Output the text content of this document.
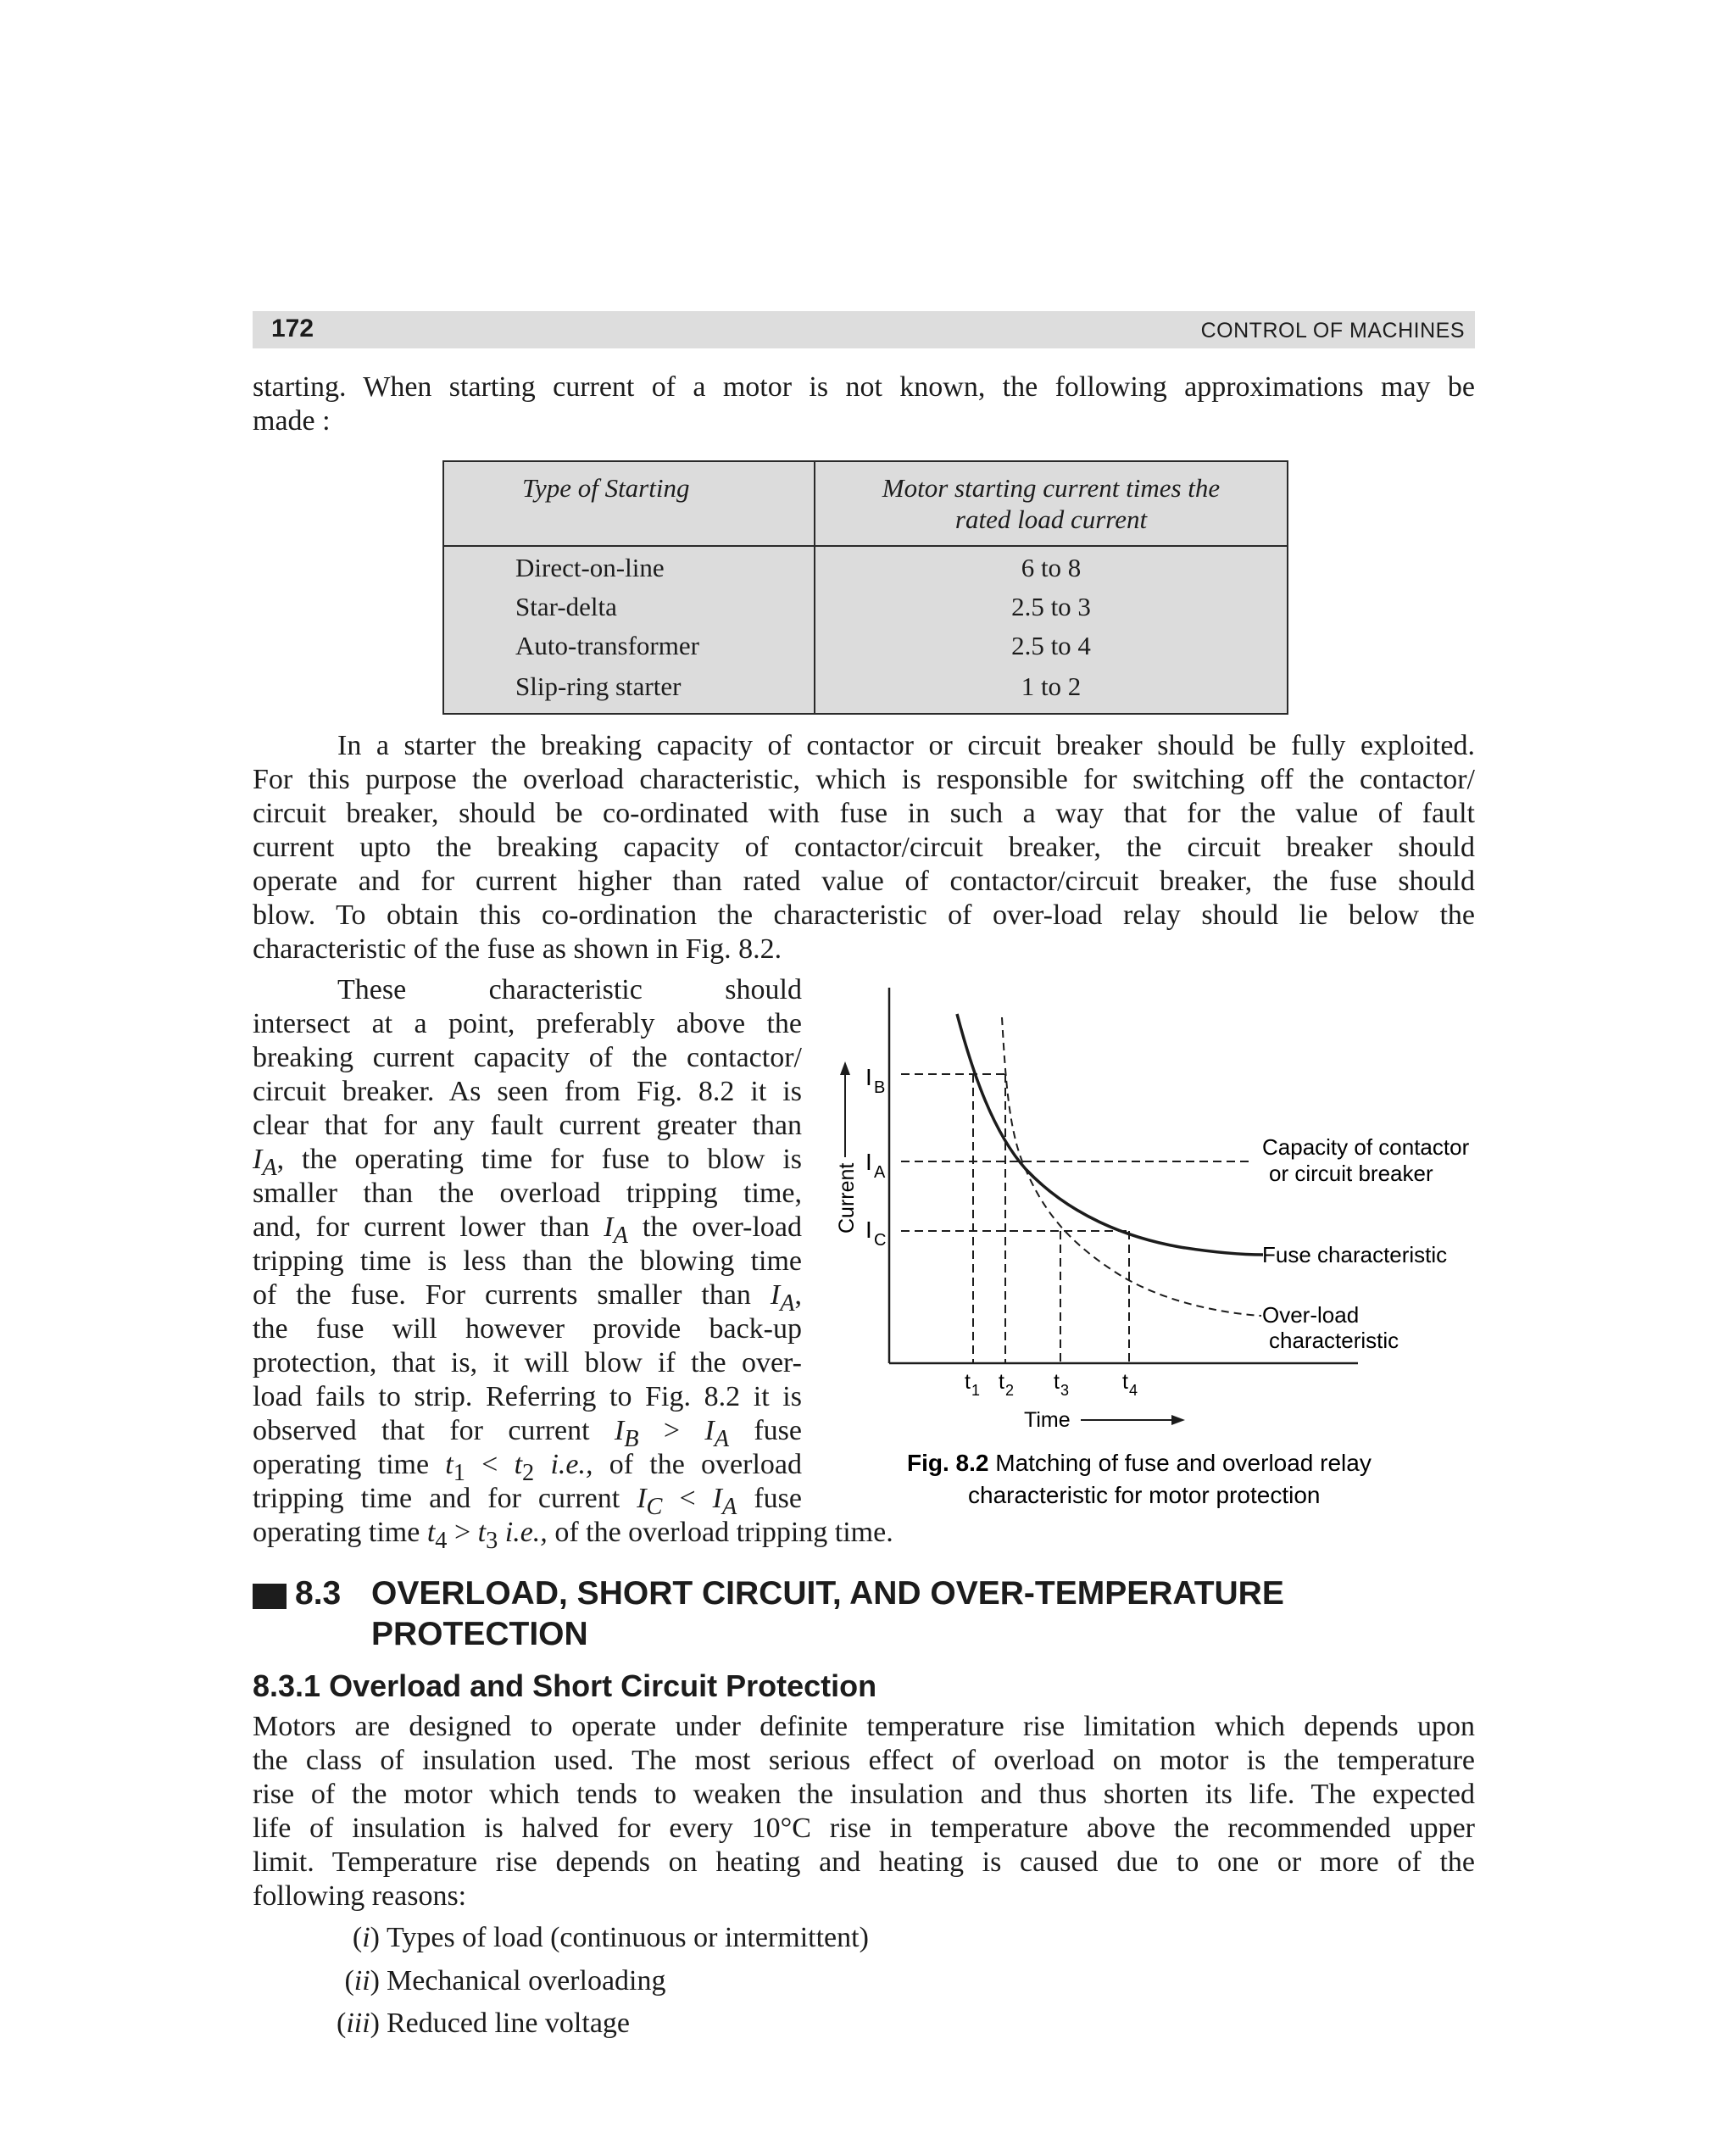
172	CONTROL OF MACHINES
starting. When starting current of a motor is not known, the following approximations may be
made :
Type of Starting	Motor starting current times the
rated load current
Direct-on-line	6 to 8
Star-delta	2.5 to 3
Auto-transformer	2.5 to 4
Slip-ring starter	1 to 2
In a starter the breaking capacity of contactor or circuit breaker should be fully exploited.
For this purpose the overload characteristic, which is responsible for switching off the contactor/
circuit breaker, should be co-ordinated with fuse in such a way that for the value of fault
current upto the breaking capacity of contactor/circuit breaker, the circuit breaker should
operate and for current higher than rated value of contactor/circuit breaker, the fuse should
blow. To obtain this co-ordination the characteristic of over-load relay should lie below the
characteristic of the fuse as shown in Fig. 8.2.
These characteristic should
intersect at a point, preferably above the
breaking current capacity of the contactor/
circuit breaker. As seen from Fig. 8.2 it is
clear that for any fault current greater than
$I_A$, the operating time for fuse to blow is
smaller than the overload tripping time,
and, for current lower than $I_A$ the over-load
tripping time is less than the blowing time
of the fuse. For currents smaller than $I_A$,
the fuse will however provide back-up
protection, that is, it will blow if the over-
load fails to strip. Referring to Fig. 8.2 it is
observed that for current $I_B > I_A$ fuse
operating time $t_1 < t_2$ i.e., of the overload
tripping time and for current $I_C < I_A$ fuse
operating time $t_4 > t_3$ i.e., of the overload tripping time.
Current
Time
I B
I A
I C
t 1 t 2 t 3	t 4
Capacity of contactor
or circuit breaker
Fuse characteristic
Over-load
characteristic
Fig. 8.2 Matching of fuse and overload relay
characteristic for motor protection
8.3 OVERLOAD, SHORT CIRCUIT, AND OVER-TEMPERATURE
PROTECTION
8.3.1 Overload and Short Circuit Protection
Motors are designed to operate under definite temperature rise limitation which depends upon
the class of insulation used. The most serious effect of overload on motor is the temperature
rise of the motor which tends to weaken the insulation and thus shorten its life. The expected
life of insulation is halved for every 10°C rise in temperature above the recommended upper
limit. Temperature rise depends on heating and heating is caused due to one or more of the
following reasons:
(i) Types of load (continuous or intermittent)
(ii) Mechanical overloading
(iii) Reduced line voltage
